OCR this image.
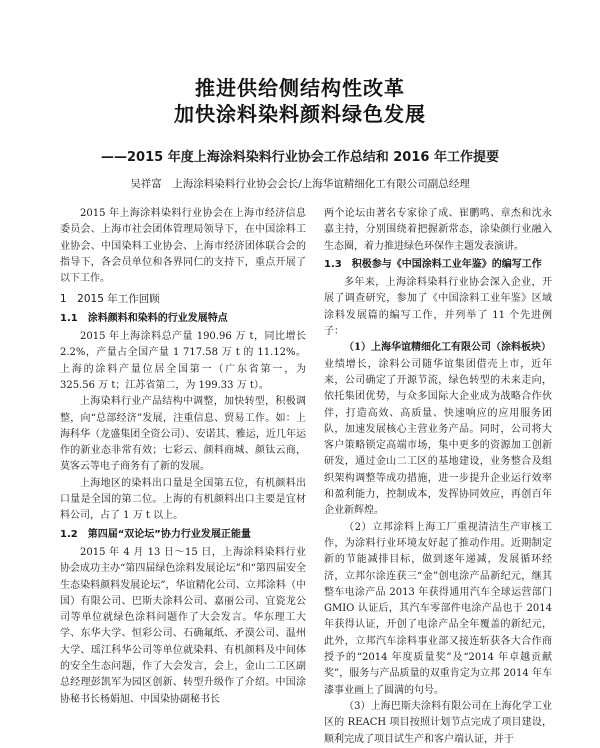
推进供给侧结构性改革
加快涂料染料颜料绿色发展

——2015 年度上海涂料染料行业协会工作总结和 2016 年工作提要

吴祥富　上海涂料染料行业协会会长/上海华谊精细化工有限公司副总经理

2015 年上海涂料染料行业协会在上海市经济信息委员会、上海市社会团体管理局领导下，在中国涂料工业协会、中国染料工业协会、上海市经济团体联合会的指导下，各会员单位和各界同仁的支持下，重点开展了以下工作。

1　2015 年工作回顾
1.1　涂料颜料和染料的行业发展特点

2015 年上海涂料总产量 190.96 万 t，同比增长 2.2%，产量占全国产量 1 717.58 万 t 的 11.12%。上海的涂料产量位居全国第一（广东省第一，为 325.56 万 t；江苏省第二，为 199.33 万 t）。

上海染料行业产品结构中调整，加快转型，积极调整，向“总部经济”发展，注重信息、贸易工作。如：上海科华（龙盛集团全资公司）、安诺其、雅运，近几年运作的新业态非常有效；七彩云、颜料商城、颜钛云商，莫客云等电子商务有了新的发展。

上海地区的染料出口量是全国第五位，有机颜料出口量是全国的第二位。上海的有机颜料出口主要是宜材料公司，占了 1 万 t 以上。

1.2　第四届“双论坛”协力行业发展正能量

2015 年 4 月 13 日～15 日，上海涂料染料行业协会成功主办“第四届绿色涂料发展论坛”和“第四届安全生态染料颜料发展论坛”，华谊精化公司、立邦涂料（中国）有限公司、巴斯夫涂料公司、嘉丽公司、宜瓷龙公司等单位就绿色涂料问题作了大会发言。华东理工大学、东华大学、恒彩公司、石确氟纸、矛漠公司、温州大学、瑶江科华公司等单位就染料、有机颜料及中间体的安全生态问题，作了大会发言，会上，金山二工区副总经理彭凯军为园区创新、转型升级作了介绍。中国涂协秘书长杨娟旭、中国染协副秘书长

两个论坛由著名专家徐了成、崔鹏鸣、章杰和沈永嘉主持，分别围绕着把握新常态，涂染颜行业融入生态圈，着力推进绿色环保作主题发表演讲。

1.3　积极参与《中国涂料工业年鉴》的编写工作

多年来，上海涂料染料行业协会深入企业，开展了调查研究，参加了《中国涂料工业年鉴》区域涂料发展篇的编写工作，并列举了 11 个先进例子：

（1）上海华谊精细化工有限公司（涂料板块）

业绩增长，涂料公司随华谊集团借壳上市，近年来，公司确定了开源节流，绿色转型的未来走向，依托集团优势，与众多国际大企业成为战略合作伙伴，打造高效、高质量、快速响应的应用服务团队，加速发展核心主营业务产品。同时，公司将大客户策略锁定高端市场，集中更多的资源加工创新研发，通过金山二工区的基地建设，业务整合及组织架构调整等成功措施，进一步提升企业运行效率和盈利能力，控制成本，发挥协同效应，再创百年企业新辉煌。

（2）立邦涂料上海工厂重视清洁生产审核工作，为涂料行业环境友好起了推动作用。近期制定新的节能减排目标，做到逐年递减，发展循环经济，立邦尔涂连获三“金”创电涂产品新纪元，继其整车电涂产品 2013 年获得通用汽车全球运营部门 GMIO 认证后，其汽车零部件电涂产品也于 2014 年获得认证，开创了电涂产品全年覆盖的新纪元，此外，立邦汽车涂料事业部又接连斩获各大合作商授予的“2014 年度质量奖”及“2014 年卓越贡献奖”，服务与产品质量的双重肯定为立邦 2014 年车漆事业画上了圆满的句号。

（3）上海巴斯夫涂料有限公司在上海化学工业区的 REACH 项目按照计划节点完成了项目建设，顺利完成了项目试生产和客户端认证，并于
